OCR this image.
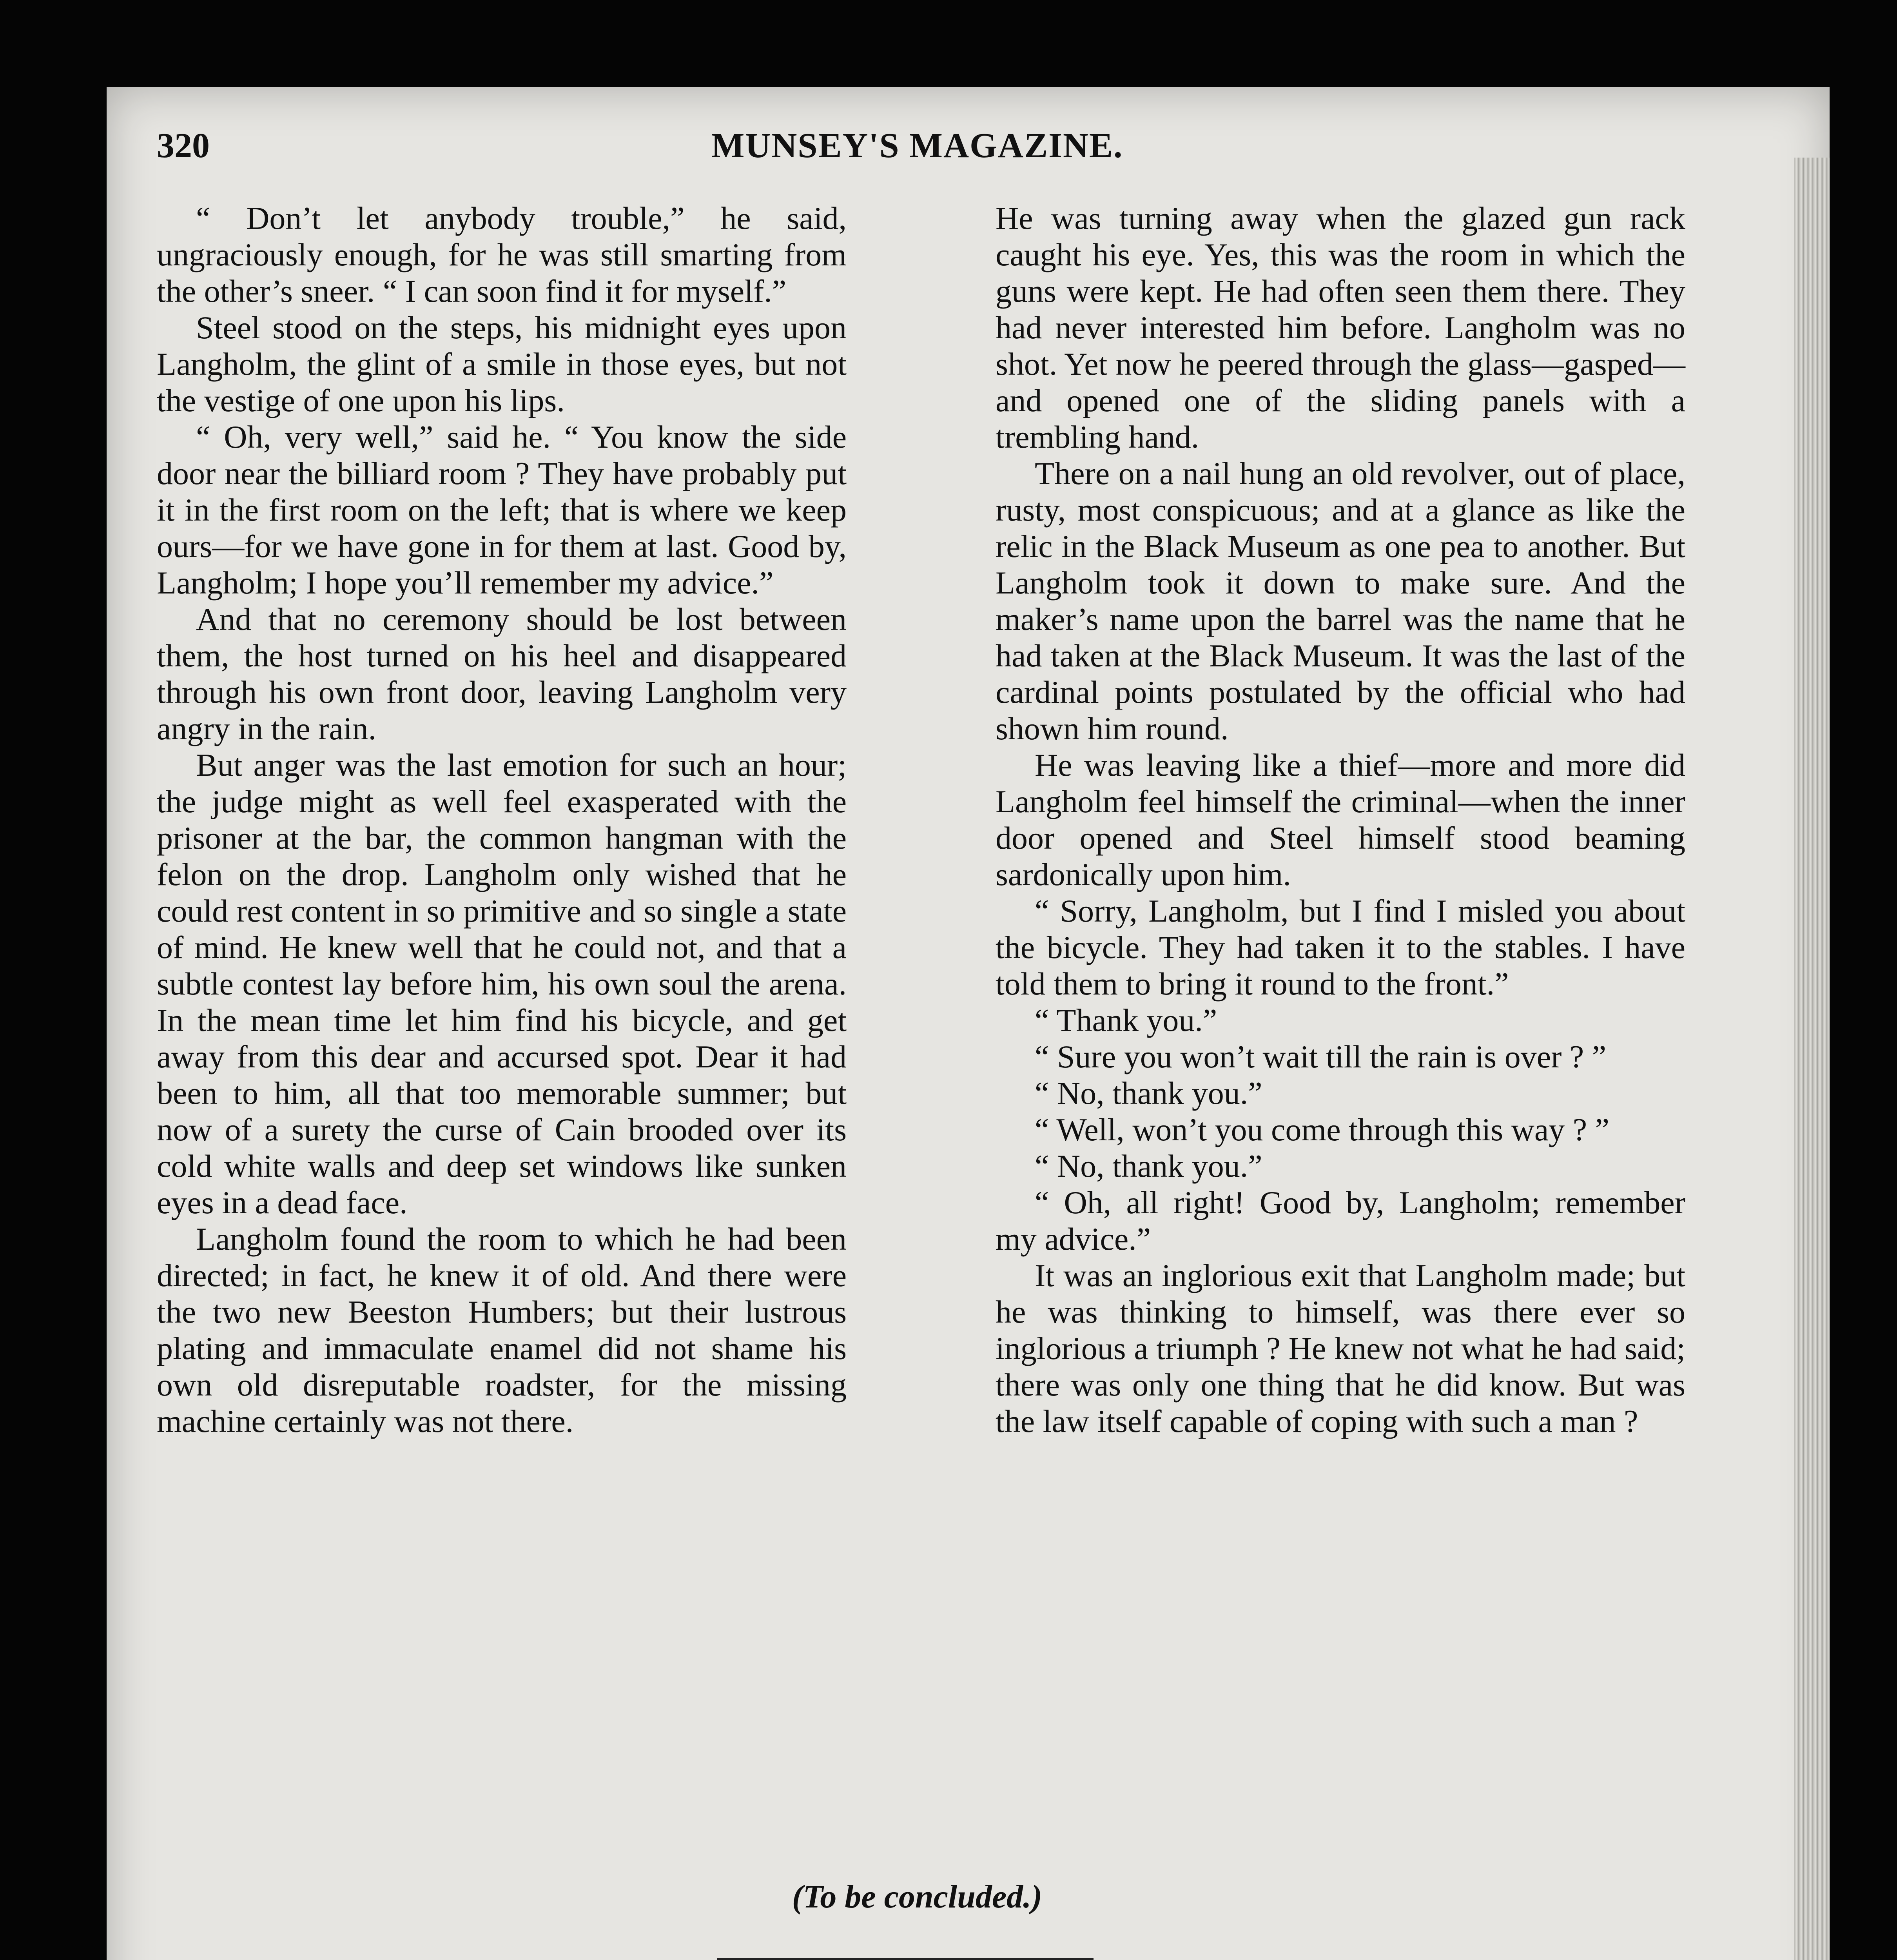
320	MUNSEY'S MAGAZINE.

“ Don’t let anybody trouble,” he said, ungraciously enough, for he was still smarting from the other’s sneer. “ I can soon find it for myself.”

Steel stood on the steps, his midnight eyes upon Langholm, the glint of a smile in those eyes, but not the vestige of one upon his lips.

“ Oh, very well,” said he. “ You know the side door near the billiard room ? They have probably put it in the first room on the left; that is where we keep ours—for we have gone in for them at last. Good by, Langholm; I hope you’ll remember my advice.”

And that no ceremony should be lost between them, the host turned on his heel and disappeared through his own front door, leaving Langholm very angry in the rain.

But anger was the last emotion for such an hour; the judge might as well feel exasperated with the prisoner at the bar, the common hangman with the felon on the drop. Langholm only wished that he could rest content in so primitive and so single a state of mind. He knew well that he could not, and that a subtle contest lay before him, his own soul the arena. In the mean time let him find his bicycle, and get away from this dear and accursed spot. Dear it had been to him, all that too memorable summer; but now of a surety the curse of Cain brooded over its cold white walls and deep set windows like sunken eyes in a dead face.

Langholm found the room to which he had been directed; in fact, he knew it of old. And there were the two new Beeston Humbers; but their lustrous plating and immaculate enamel did not shame his own old disreputable roadster, for the missing machine certainly was not there.

He was turning away when the glazed gun rack caught his eye. Yes, this was the room in which the guns were kept. He had often seen them there. They had never interested him before. Langholm was no shot. Yet now he peered through the glass—gasped—and opened one of the sliding panels with a trembling hand.

There on a nail hung an old revolver, out of place, rusty, most conspicuous; and at a glance as like the relic in the Black Museum as one pea to another. But Langholm took it down to make sure. And the maker’s name upon the barrel was the name that he had taken at the Black Museum. It was the last of the cardinal points postulated by the official who had shown him round.

He was leaving like a thief—more and more did Langholm feel himself the criminal—when the inner door opened and Steel himself stood beaming sardonically upon him.

“ Sorry, Langholm, but I find I misled you about the bicycle. They had taken it to the stables. I have told them to bring it round to the front.”

“ Thank you.”

“ Sure you won’t wait till the rain is over ? ”

“ No, thank you.”

“ Well, won’t you come through this way ? ”

“ No, thank you.”

“ Oh, all right! Good by, Langholm; remember my advice.”

It was an inglorious exit that Langholm made; but he was thinking to himself, was there ever so inglorious a triumph ? He knew not what he had said; there was only one thing that he did know. But was the law itself capable of coping with such a man ?

(To be concluded.)
